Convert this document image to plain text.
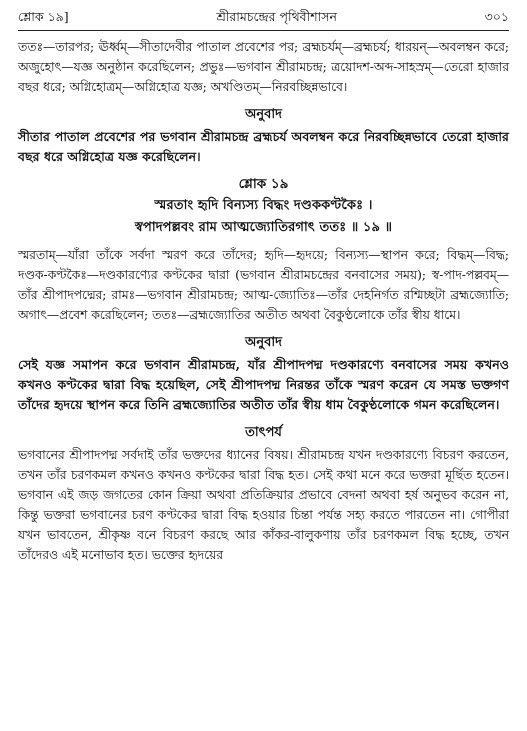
শ্লোক ১৯]	শ্রীরামচন্দ্রের পৃথিবীশাসন	৩০১

ততঃ—তারপর; ঊর্ধ্বম্—সীতাদেবীর পাতাল প্রবেশের পর; ব্রহ্মচর্যম্—ব্রহ্মচর্য; ধারয়ন্—অবলম্বন করে; অজুহোৎ—যজ্ঞ অনুষ্ঠান করেছিলেন; প্রভুঃ—ভগবান শ্রীরামচন্দ্র; ত্রয়োদশ-অব্দ-সাহস্রম্—তেরো হাজার বছর ধরে; অগ্নিহোত্রম্—অগ্নিহোত্র যজ্ঞ; অখণ্ডিতম্—নিরবচ্ছিন্নভাবে।

অনুবাদ

সীতার পাতাল প্রবেশের পর ভগবান শ্রীরামচন্দ্র ব্রহ্মচর্য অবলম্বন করে নিরবচ্ছিন্নভাবে তেরো হাজার বছর ধরে অগ্নিহোত্র যজ্ঞ করেছিলেন।

শ্লোক ১৯

স্মরতাং হৃদি বিন্যস্য বিদ্ধং দণ্ডককণ্টকৈঃ ।

স্বপাদপল্লবং রাম আত্মজ্যোতিরগাৎ ততঃ ॥ ১৯ ॥

স্মরতাম্—যাঁরা তাঁকে সর্বদা স্মরণ করে তাঁদের; হৃদি—হৃদয়ে; বিন্যস্য—স্থাপন করে; বিদ্ধম্—বিদ্ধ; দণ্ডক-কণ্টকৈঃ—দণ্ডকারণ্যের কণ্টকের দ্বারা (ভগবান শ্রীরামচন্দ্রের বনবাসের সময়); স্ব-পাদ-পল্লবম্—তাঁর শ্রীপাদপদ্মের; রামঃ—ভগবান শ্রীরামচন্দ্র; আত্ম-জ্যোতিঃ—তাঁর দেহনির্গত রশ্মিচ্ছটা ব্রহ্মজ্যোতি; অগাৎ—প্রবেশ করেছিলেন; ততঃ—ব্রহ্মজ্যোতির অতীত অথবা বৈকুণ্ঠলোকে তাঁর স্বীয় ধামে।

অনুবাদ

সেই যজ্ঞ সমাপন করে ভগবান শ্রীরামচন্দ্র, যাঁর শ্রীপাদপদ্ম দণ্ডকারণ্যে বনবাসের সময় কখনও কখনও কণ্টকের দ্বারা বিদ্ধ হয়েছিল, সেই শ্রীপাদপদ্ম নিরন্তর তাঁকে স্মরণ করেন যে সমস্ত ভক্তগণ তাঁদের হৃদয়ে স্থাপন করে তিনি ব্রহ্মজ্যোতির অতীত তাঁর স্বীয় ধাম বৈকুণ্ঠলোকে গমন করেছিলেন।

তাৎপর্য

ভগবানের শ্রীপাদপদ্ম সর্বদাই তাঁর ভক্তদের ধ্যানের বিষয়। শ্রীরামচন্দ্র যখন দণ্ডকারণ্যে বিচরণ করতেন, তখন তাঁর চরণকমল কখনও কখনও কণ্টকের দ্বারা বিদ্ধ হত। সেই কথা মনে করে ভক্তরা মূর্ছিত হতেন। ভগবান এই জড় জগতের কোন ক্রিয়া অথবা প্রতিক্রিয়ার প্রভাবে বেদনা অথবা হর্ষ অনুভব করেন না, কিন্তু ভক্তরা ভগবানের চরণ কণ্টকের দ্বারা বিদ্ধ হওয়ার চিন্তা পর্যন্ত সহ্য করতে পারতেন না। গোপীরা যখন ভাবতেন, শ্রীকৃষ্ণ বনে বিচরণ করছে আর কাঁকর-বালুকণায় তাঁর চরণকমল বিদ্ধ হচ্ছে, তখন তাঁদেরও এই মনোভাব হত। ভক্তের হৃদয়ের
